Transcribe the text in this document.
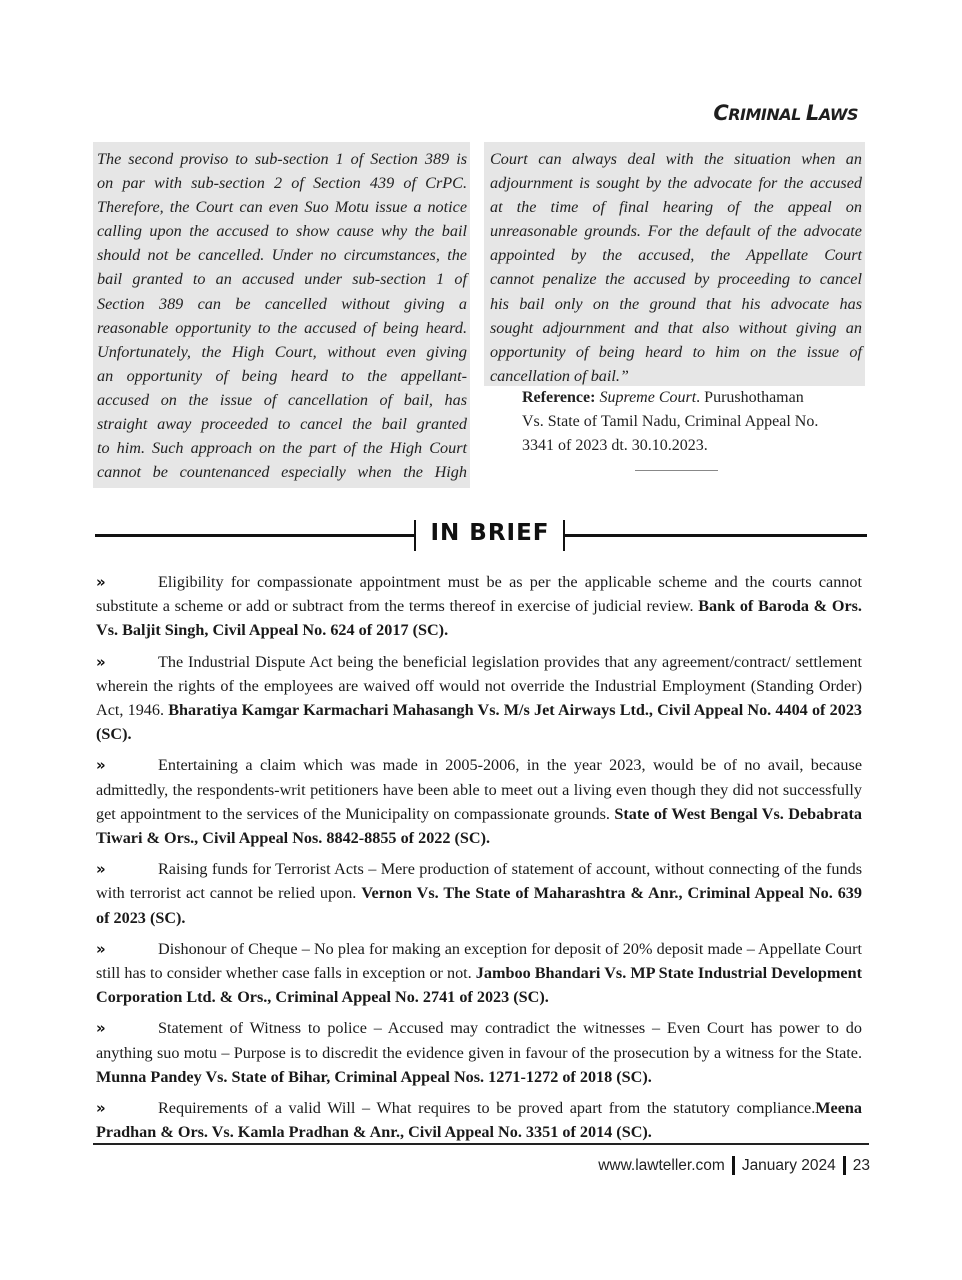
CRIMINAL LAWS
The second proviso to sub-section 1 of Section 389 is
on par with sub-section 2 of Section 439 of CrPC.
Therefore, the Court can even Suo Motu issue a notice
calling upon the accused to show cause why the bail
should not be cancelled. Under no circumstances, the
bail granted to an accused under sub-section 1 of
Section 389 can be cancelled without giving a
reasonable opportunity to the accused of being heard.
Unfortunately, the High Court, without even giving
an opportunity of being heard to the appellant-
accused on the issue of cancellation of bail, has
straight away proceeded to cancel the bail granted
to him. Such approach on the part of the High Court
cannot be countenanced especially when the High
Court can always deal with the situation when an
adjournment is sought by the advocate for the accused
at the time of final hearing of the appeal on
unreasonable grounds. For the default of the advocate
appointed by the accused, the Appellate Court
cannot penalize the accused by proceeding to cancel
his bail only on the ground that his advocate has
sought adjournment and that also without giving an
opportunity of being heard to him on the issue of
cancellation of bail.”
Reference: Supreme Court. Purushothaman
Vs. State of Tamil Nadu, Criminal Appeal No.
3341 of 2023 dt. 30.10.2023.
IN BRIEF

»	Eligibility for compassionate appointment must be as per the applicable scheme and the courts cannot substitute a scheme or add or subtract from the terms thereof in exercise of judicial review. Bank of Baroda & Ors. Vs. Baljit Singh, Civil Appeal No. 624 of 2017 (SC).

»	The Industrial Dispute Act being the beneficial legislation provides that any agreement/contract/ settlement wherein the rights of the employees are waived off would not override the Industrial Employment (Standing Order) Act, 1946. Bharatiya Kamgar Karmachari Mahasangh Vs. M/s Jet Airways Ltd., Civil Appeal No. 4404 of 2023 (SC).

»	Entertaining a claim which was made in 2005-2006, in the year 2023, would be of no avail, because admittedly, the respondents-writ petitioners have been able to meet out a living even though they did not successfully get appointment to the services of the Municipality on compassionate grounds. State of West Bengal Vs. Debabrata Tiwari & Ors., Civil Appeal Nos. 8842-8855 of 2022 (SC).

»	Raising funds for Terrorist Acts – Mere production of statement of account, without connecting of the funds with terrorist act cannot be relied upon. Vernon Vs. The State of Maharashtra & Anr., Criminal Appeal No. 639 of 2023 (SC).

»	Dishonour of Cheque – No plea for making an exception for deposit of 20% deposit made – Appellate Court still has to consider whether case falls in exception or not. Jamboo Bhandari Vs. MP State Industrial Development Corporation Ltd. & Ors., Criminal Appeal No. 2741 of 2023 (SC).

»	Statement of Witness to police – Accused may contradict the witnesses – Even Court has power to do anything suo motu – Purpose is to discredit the evidence given in favour of the prosecution by a witness for the State. Munna Pandey Vs. State of Bihar, Criminal Appeal Nos. 1271-1272 of 2018 (SC).

»	Requirements of a valid Will – What requires to be proved apart from the statutory compliance.Meena Pradhan & Ors. Vs. Kamla Pradhan & Anr., Civil Appeal No. 3351 of 2014 (SC).

www.lawteller.com January 2024 23
